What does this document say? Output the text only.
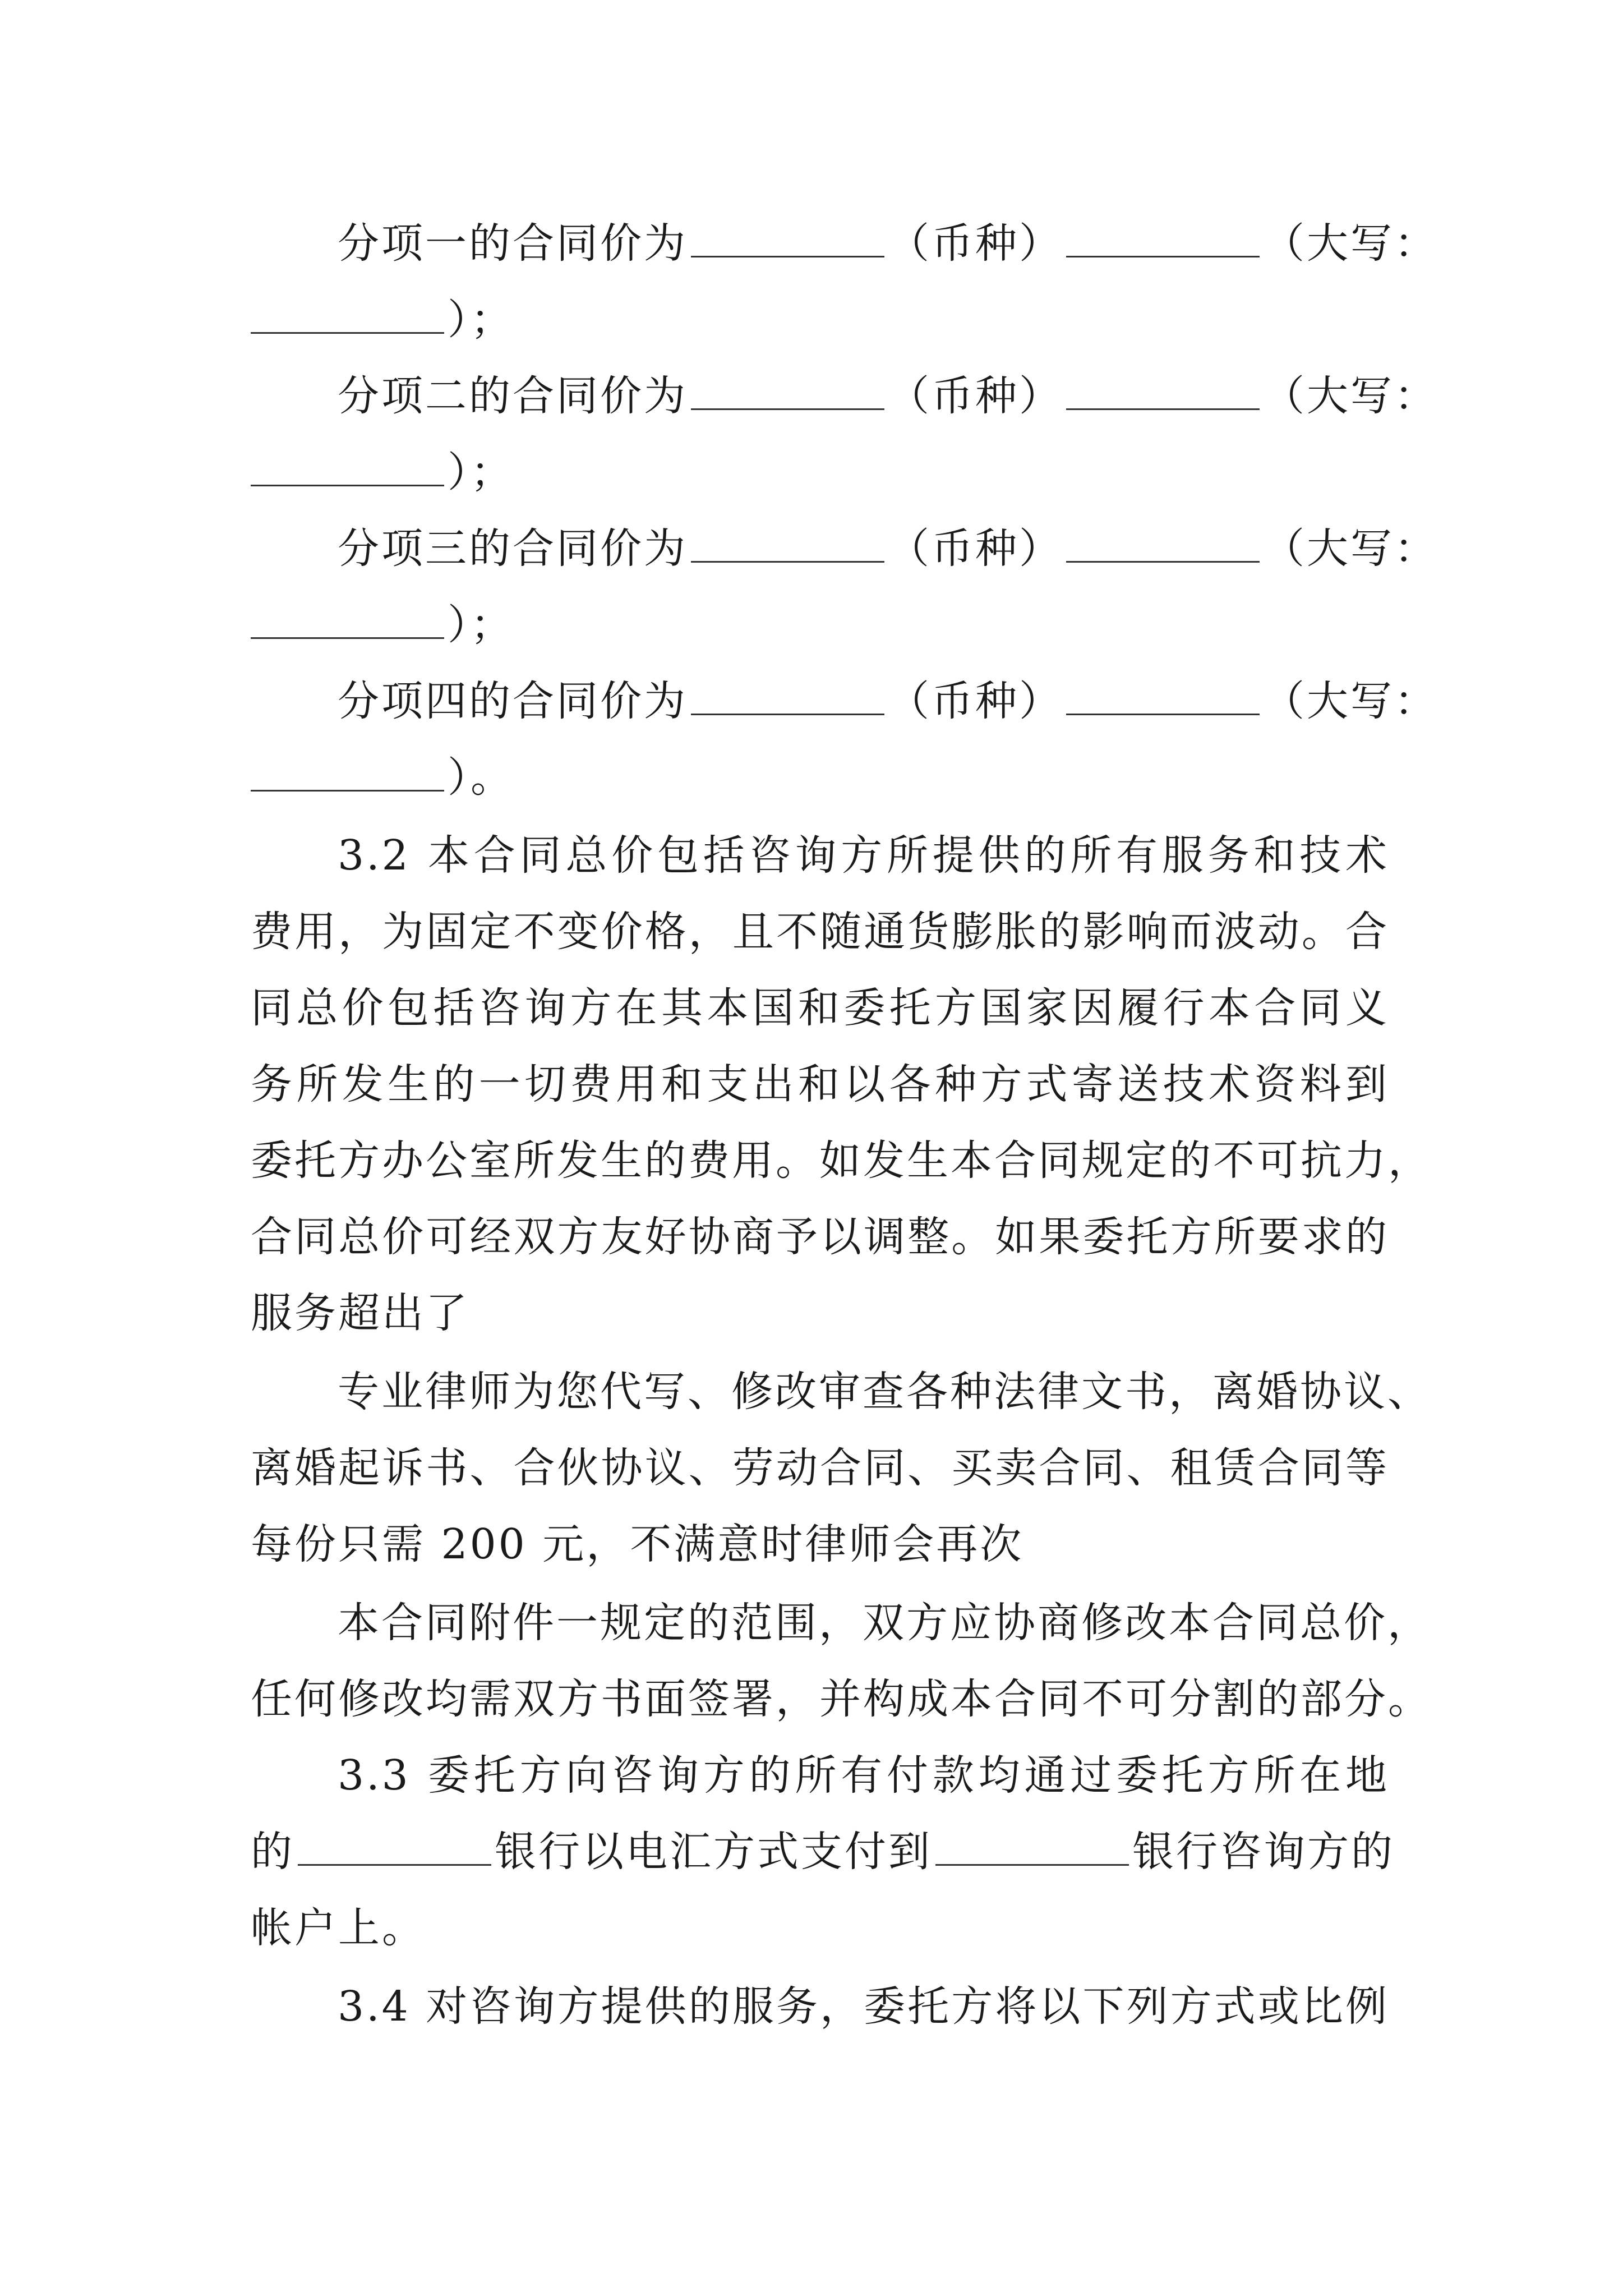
分项一的合同价为	（币种）	（大写：
）；
分项二的合同价为	（币种）	（大写：
）；
分项三的合同价为	（币种）	（大写：
）；
分项四的合同价为	（币种）	（大写：
）。
3.2 本合同总价包括咨询方所提供的所有服务和技术
费用，为固定不变价格，且不随通货膨胀的影响而波动。合
同总价包括咨询方在其本国和委托方国家因履行本合同义
务所发生的一切费用和支出和以各种方式寄送技术资料到
委托方办公室所发生的费用。如发生本合同规定的不可抗力，
合同总价可经双方友好协商予以调整。如果委托方所要求的
服务超出了
专业律师为您代写、修改审查各种法律文书，离婚协议、
离婚起诉书、合伙协议、劳动合同、买卖合同、租赁合同等
每份只需 200 元，不满意时律师会再次
本合同附件一规定的范围，双方应协商修改本合同总价，
任何修改均需双方书面签署，并构成本合同不可分割的部分。
3.3 委托方向咨询方的所有付款均通过委托方所在地
的	银行以电汇方式支付到	银行咨询方的
帐户上。
3.4 对咨询方提供的服务，委托方将以下列方式或比例
